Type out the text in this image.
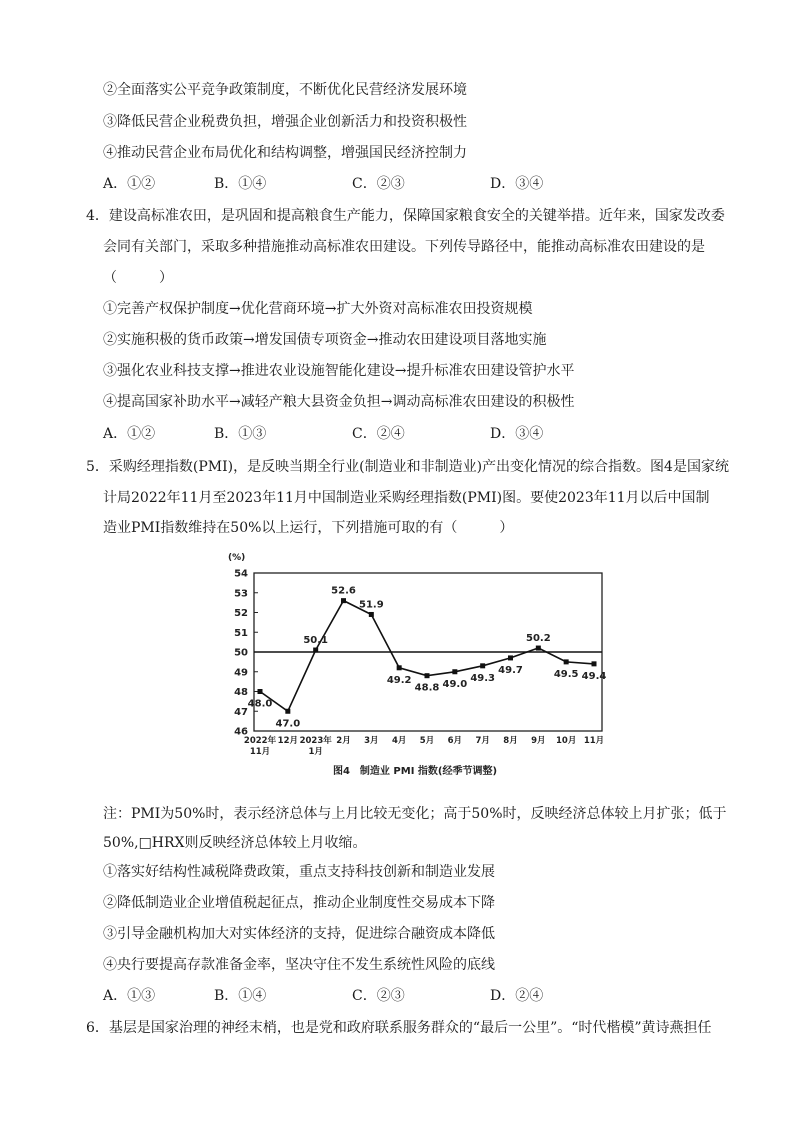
②全面落实公平竞争政策制度，不断优化民营经济发展环境
③降低民营企业税费负担，增强企业创新活力和投资积极性
④推动民营企业布局优化和结构调整，增强国民经济控制力
A．①②	B．①④	C．②③	D．③④
4．建设高标准农田，是巩固和提高粮食生产能力，保障国家粮食安全的关键举措。近年来，国家发改委
会同有关部门，采取多种措施推动高标准农田建设。下列传导路径中，能推动高标准农田建设的是
（　　　）
①完善产权保护制度→优化营商环境→扩大外资对高标准农田投资规模
②实施积极的货币政策→增发国债专项资金→推动农田建设项目落地实施
③强化农业科技支撑→推进农业设施智能化建设→提升标准农田建设管护水平
④提高国家补助水平→减轻产粮大县资金负担→调动高标准农田建设的积极性
A．①②	B．①③	C．②④	D．③④
5．采购经理指数(PMI)，是反映当期全行业(制造业和非制造业)产出变化情况的综合指数。图4是国家统
计局2022年11月至2023年11月中国制造业采购经理指数(PMI)图。要使2023年11月以后中国制
造业PMI指数维持在50%以上运行，下列措施可取的有（　　　）
(%)
46
47
48
49
50
51
52
53
54
48.0
47.0
50.1
52.6
51.9
49.2
48.8 49.0
49.3
49.7
50.2
49.5 49.4
2022年
11月
12月 2023年
1月
2月 3月 4月 5月 6月 7月 8月 9月 10月 11月
图4　制造业 PMI 指数(经季节调整)
注：PMI为50%时，表示经济总体与上月比较无变化；高于50%时，反映经济总体较上月扩张；低于
50%,□HRX则反映经济总体较上月收缩。
①落实好结构性减税降费政策，重点支持科技创新和制造业发展
②降低制造业企业增值税起征点，推动企业制度性交易成本下降
③引导金融机构加大对实体经济的支持，促进综合融资成本降低
④央行要提高存款准备金率，坚决守住不发生系统性风险的底线
A．①③	B．①④	C．②③	D．②④
6．基层是国家治理的神经末梢，也是党和政府联系服务群众的“最后一公里”。“时代楷模”黄诗燕担任
